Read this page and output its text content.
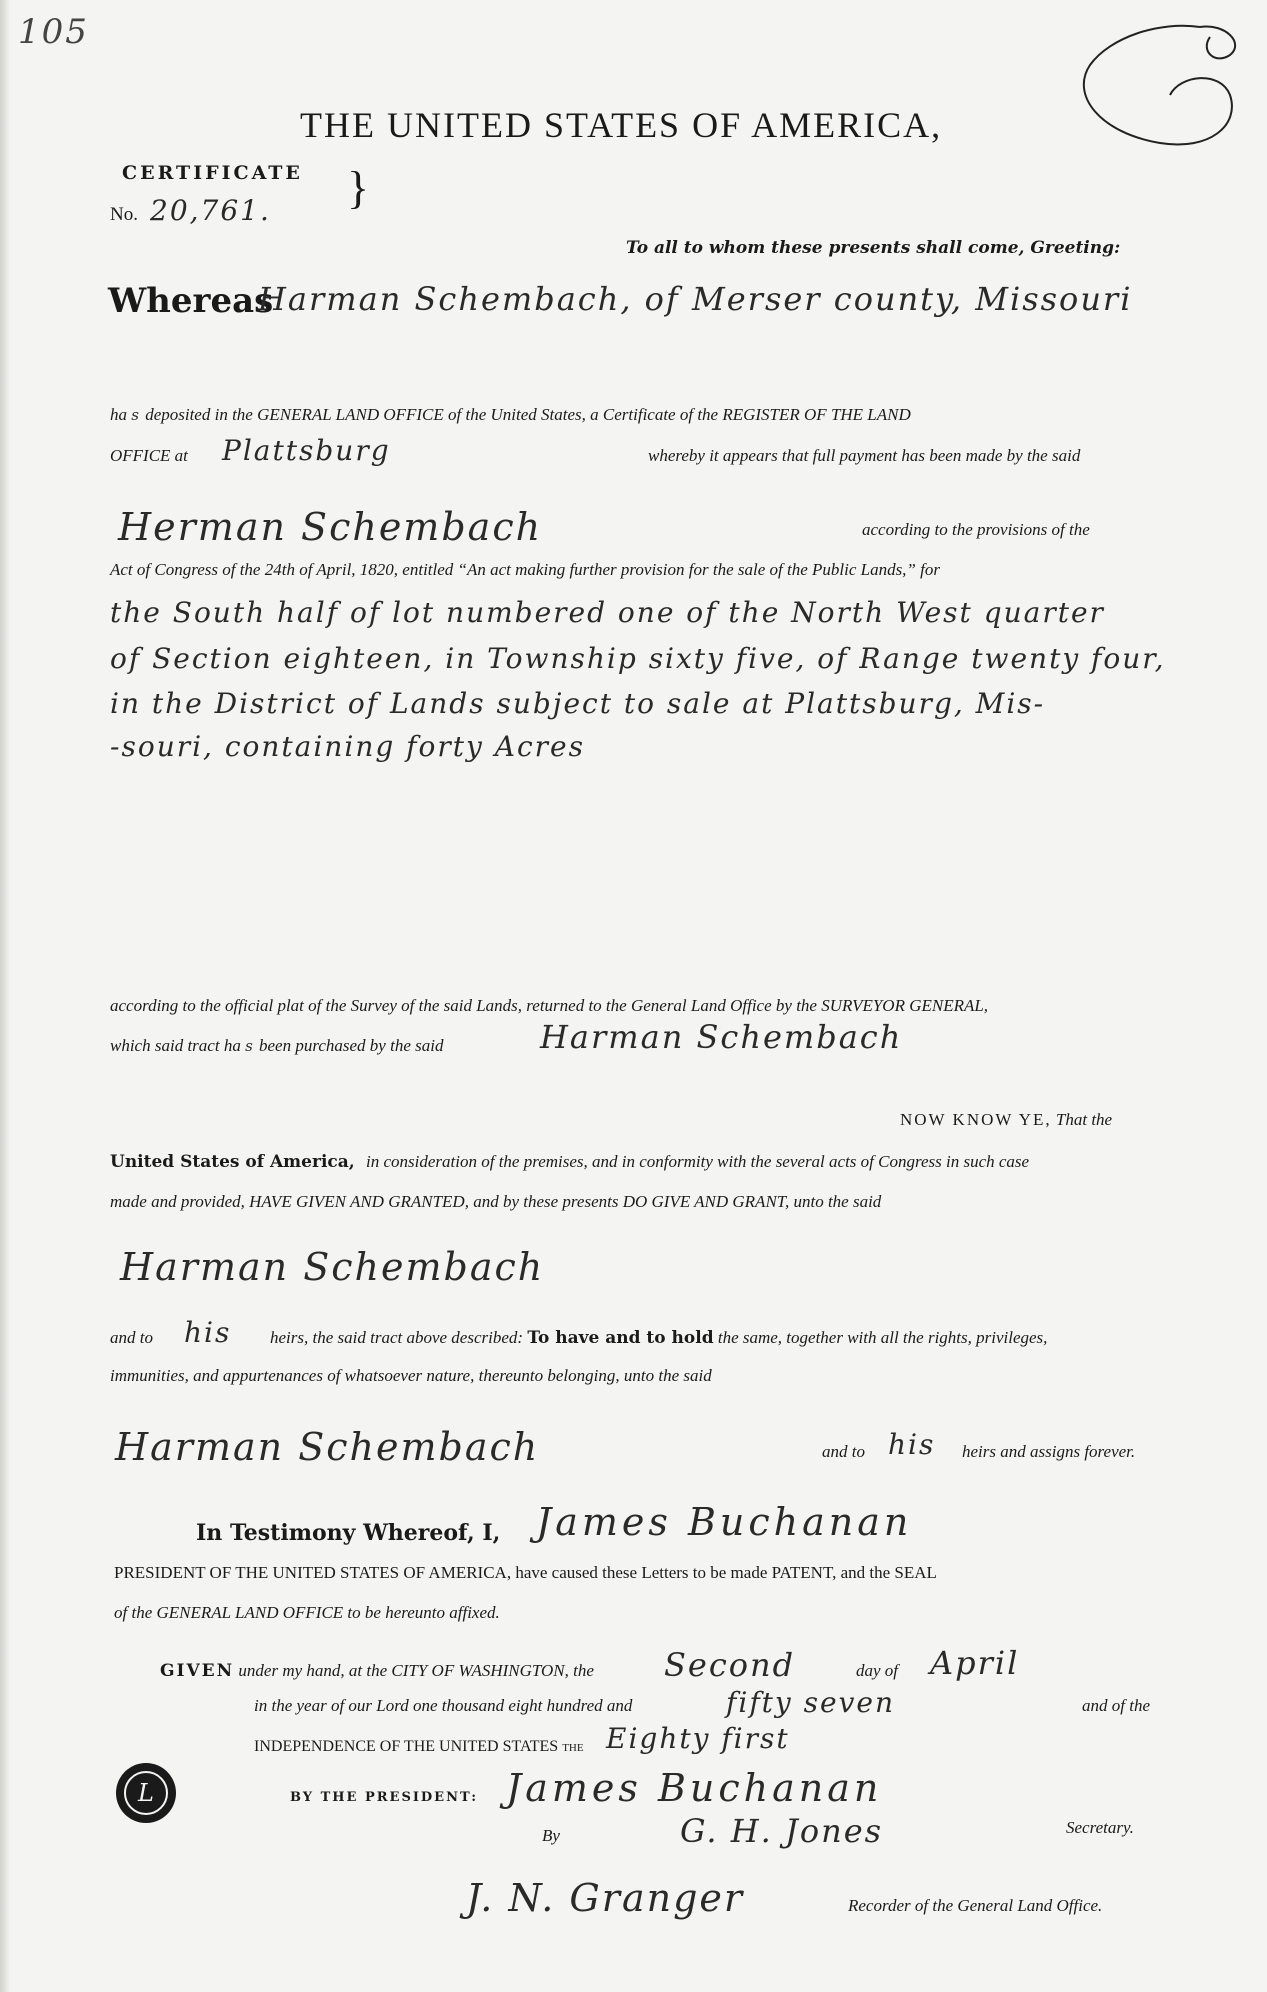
105
THE UNITED STATES OF AMERICA,
CERTIFICATE }
No. 20,761.
To all to whom these presents shall come, Greeting:
Whereas
Harman Schembach, of Merser county, Missouri
ha s deposited in the GENERAL LAND OFFICE of the United States, a Certificate of the REGISTER OF THE LAND
OFFICE at Plattsburg	whereby it appears that full payment has been made by the said
Herman Schembach	according to the provisions of the
Act of Congress of the 24th of April, 1820, entitled “An act making further provision for the sale of the Public Lands,” for
the South half of lot numbered one of the North West quarter
of Section eighteen, in Township sixty five, of Range twenty four,
in the District of Lands subject to sale at Plattsburg, Mis-
-souri, containing forty Acres
according to the official plat of the Survey of the said Lands, returned to the General Land Office by the SURVEYOR GENERAL,
which said tract ha s been purchased by the said	Harman Schembach
NOW KNOW YE, That the
United States of America, in consideration of the premises, and in conformity with the several acts of Congress in such case
made and provided, HAVE GIVEN AND GRANTED, and by these presents DO GIVE AND GRANT, unto the said
Harman Schembach
and to his heirs, the said tract above described: To have and to hold the same, together with all the rights, privileges,
immunities, and appurtenances of whatsoever nature, thereunto belonging, unto the said
Harman Schembach	and to his heirs and assigns forever.
In Testimony Whereof, I, James Buchanan
PRESIDENT OF THE UNITED STATES OF AMERICA, have caused these Letters to be made PATENT, and the SEAL
of the GENERAL LAND OFFICE to be hereunto affixed.
GIVEN under my hand, at the CITY OF WASHINGTON, the Second	day of April
in the year of our Lord one thousand eight hundred and	fifty seven	and of the
INDEPENDENCE OF THE UNITED STATES the Eighty first
L	BY THE PRESIDENT: James Buchanan
By	G. H. Jones	Secretary.
J. N. Granger	Recorder of the General Land Office.
